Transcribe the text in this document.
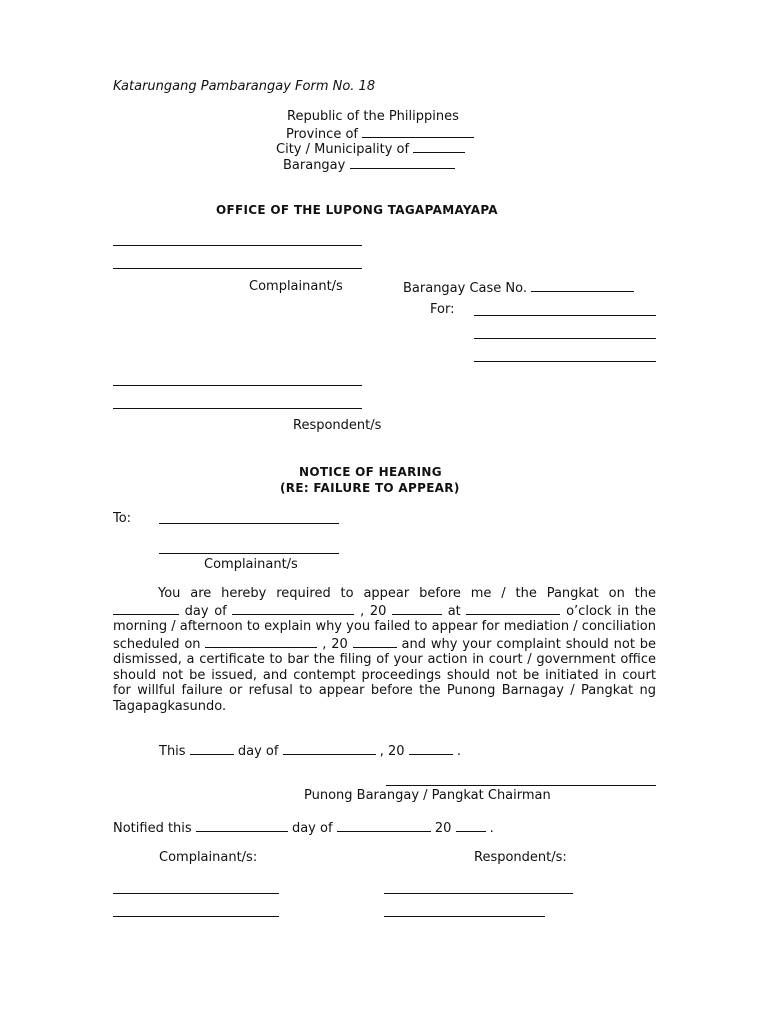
Katarungang Pambarangay Form No. 18
Republic of the Philippines
Province of
City / Municipality of
Barangay
OFFICE OF THE LUPONG TAGAPAMAYAPA
Complainant/s	Barangay Case No.
For:
Respondent/s
NOTICE OF HEARING
(RE: FAILURE TO APPEAR)
To:
Complainant/s
You are hereby required to appear before me / the Pangkat on the  day of	, 20	at	o’clock in the morning / afternoon to explain why you failed to appear for mediation / conciliation scheduled on	, 20	and why your complaint should not be dismissed, a certificate to bar the filing of your action in court / government office should not be issued, and contempt proceedings should not be initiated in court for willful failure or refusal to appear before the Punong Barnagay / Pangkat ng Tagapagkasundo.
This	day of	, 20	.
Punong Barangay / Pangkat Chairman
Notified this	day of	20	.
Complainant/s:	Respondent/s:
